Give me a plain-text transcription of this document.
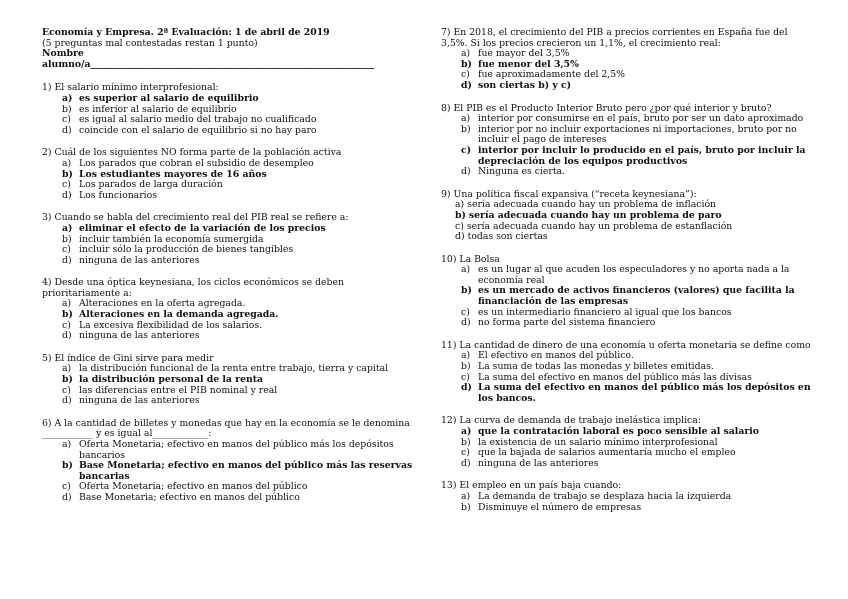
Economía y Empresa. 2ª Evaluación: 1 de abril de 2019
(5 preguntas mal contestadas restan 1 punto)
Nombre
alumno/a_____________________________________________________________
1) El salario mínimo interprofesional:
a) es superior al salario de equilibrio
b) es inferior al salario de equilibrio
c) es igual al salario medio del trabajo no cualificado
d) coincide con el salario de equilibrio si no hay paro
2) Cuál de los siguientes NO forma parte de la población activa
a) Los parados que cobran el subsidio de desempleo
b) Los estudiantes mayores de 16 años
c) Los parados de larga duración
d) Los funcionarios
3) Cuando se habla del crecimiento real del PIB real se refiere a:
a) eliminar el efecto de la variación de los precios
b) incluir también la economía sumergida
c) incluir sólo la producción de bienes tangibles
d) ninguna de las anteriores
4) Desde una óptica keynesiana, los ciclos económicos se deben prioritariamente a:
a) Alteraciones en la oferta agregada.
b) Alteraciones en la demanda agregada.
c) La excesiva flexibilidad de los salarios.
d) ninguna de las anteriores
5) El índice de Gini sirve para medir
a) la distribución funcional de la renta entre trabajo, tierra y capital
b) la distribución personal de la renta
c) las diferencias entre el PIB nominal y real
d) ninguna de las anteriores
6) A la cantidad de billetes y monedas que hay en la economía se le denomina ___________ y es igual al____________:
a) Oferta Monetaria; efectivo en manos del público más los depósitos bancarios
b) Base Monetaria; efectivo en manos del público más las reservas bancarias
c) Oferta Monetaria; efectivo en manos del público
d) Base Monetaria; efectivo en manos del público
7) En 2018, el crecimiento del PIB a precios corrientes en España fue del 3,5%. Si los precios crecieron un 1,1%, el crecimiento real:
a) fue mayor del 3,5%
b) fue menor del 3,5%
c) fue aproximadamente del 2,5%
d) son ciertas b) y c)
8) El PIB es el Producto Interior Bruto pero ¿por qué interior y bruto?
a) interior por consumirse en el país, bruto por ser un dato aproximado
b) interior por no incluir exportaciones ni importaciones, bruto por no incluir el pago de intereses
c) interior por incluir lo producido en el país, bruto por incluir la depreciación de los equipos productivos
d) Ninguna es cierta.
9) Una política fiscal expansiva (“receta keynesiana”):
a) sería adecuada cuando hay un problema de inflación
b) sería adecuada cuando hay un problema de paro
c) sería adecuada cuando hay un problema de estanflación
d) todas son ciertas
10) La Bolsa
a) es un lugar al que acuden los especuladores y no aporta nada a la economía real
b) es un mercado de activos financieros (valores) que facilita la financiación de las empresas
c) es un intermediario financiero al igual que los bancos
d) no forma parte del sistema financiero
11) La cantidad de dinero de una economía u oferta monetaria se define como
a) El efectivo en manos del público.
b) La suma de todas las monedas y billetes emitidas.
c) La suma del efectivo en manos del público más las divisas
d) La suma del efectivo en manos del público más los depósitos en los bancos.
12) La curva de demanda de trabajo inelástica implica:
a) que la contratación laboral es poco sensible al salario
b) la existencia de un salario mínimo interprofesional
c) que la bajada de salarios aumentaría mucho el empleo
d) ninguna de las anteriores
13) El empleo en un país baja cuando:
a) La demanda de trabajo se desplaza hacia la izquierda
b) Disminuye el número de empresas
